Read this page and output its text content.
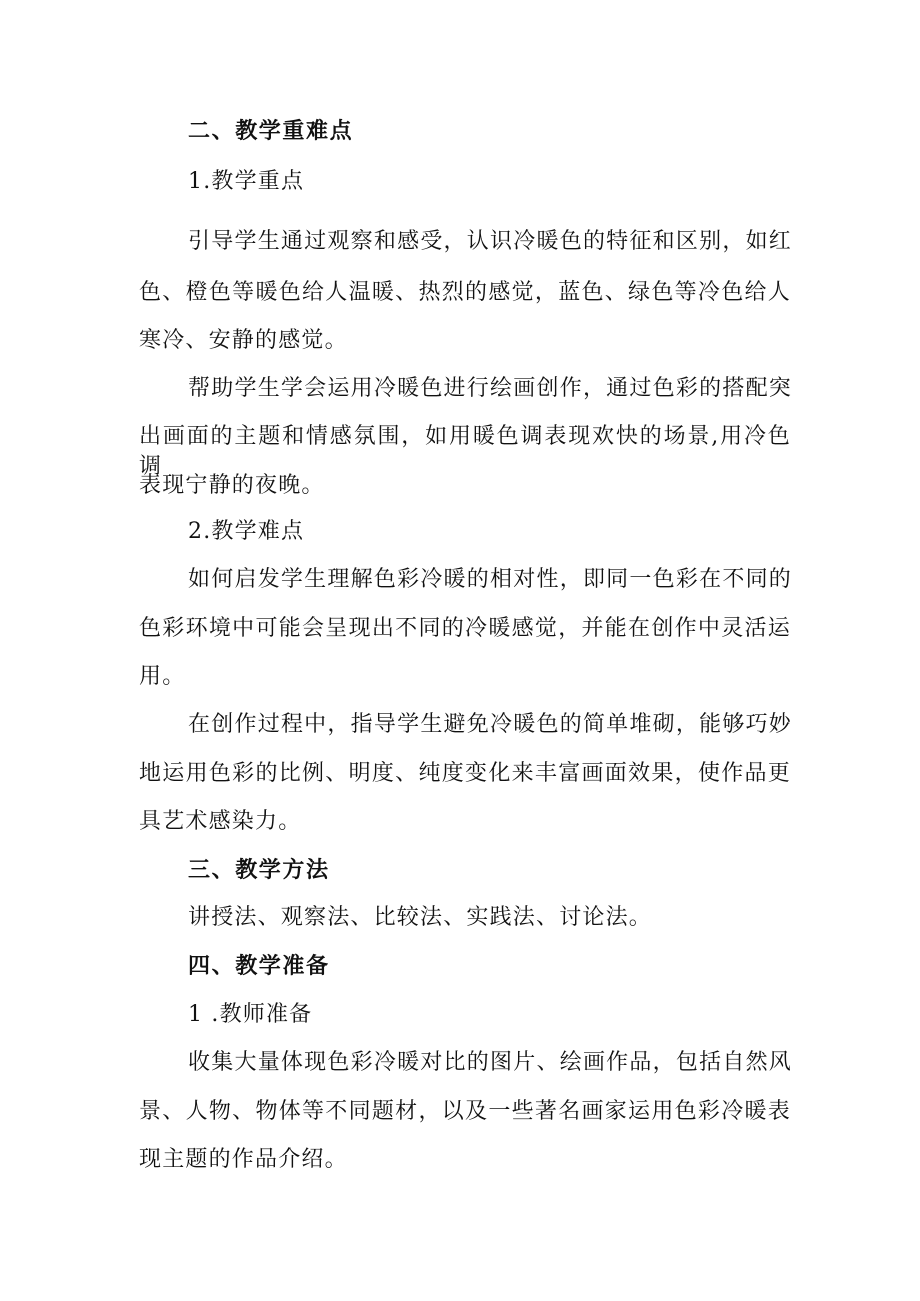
二、教学重难点
1.教学重点
引导学生通过观察和感受，认识冷暖色的特征和区别，如红
色、橙色等暖色给人温暖、热烈的感觉，蓝色、绿色等冷色给人
寒冷、安静的感觉。
帮助学生学会运用冷暖色进行绘画创作，通过色彩的搭配突
出画面的主题和情感氛围，如用暖色调表现欢快的场景,用冷色调
表现宁静的夜晚。
2.教学难点
如何启发学生理解色彩冷暖的相对性，即同一色彩在不同的
色彩环境中可能会呈现出不同的冷暖感觉，并能在创作中灵活运
用。
在创作过程中，指导学生避免冷暖色的简单堆砌，能够巧妙
地运用色彩的比例、明度、纯度变化来丰富画面效果，使作品更
具艺术感染力。
三、教学方法
讲授法、观察法、比较法、实践法、讨论法。
四、教学准备
1 .教师准备
收集大量体现色彩冷暖对比的图片、绘画作品，包括自然风
景、人物、物体等不同题材，以及一些著名画家运用色彩冷暖表
现主题的作品介绍。
